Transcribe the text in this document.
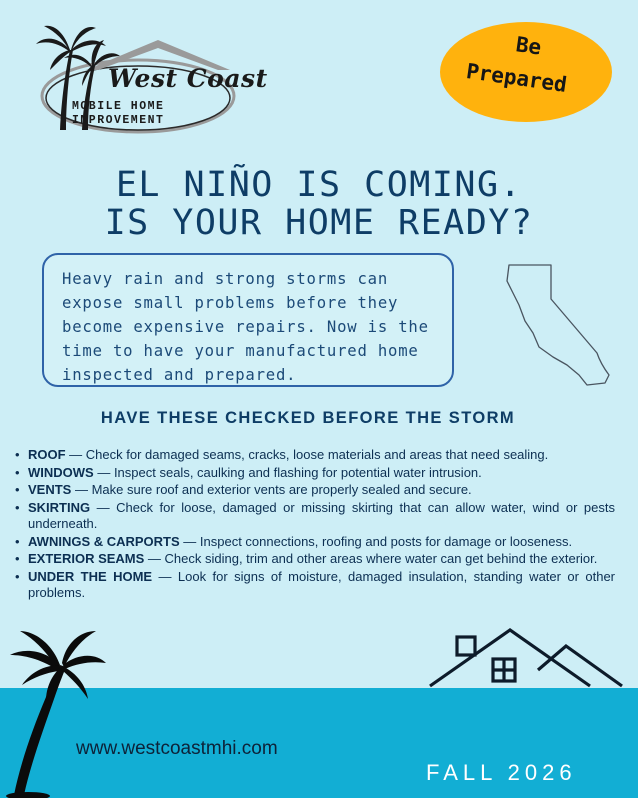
West Coast
MOBILE HOME
IMPROVEMENT
Be
Prepared
EL NIÑO IS COMING.
IS YOUR HOME READY?

Heavy rain and strong storms can expose small problems before they become expensive repairs. Now is the time to have your manufactured home inspected and prepared.

HAVE THESE CHECKED BEFORE THE STORM
• ROOF — Check for damaged seams, cracks, loose materials and areas that need sealing.
• WINDOWS — Inspect seals, caulking and flashing for potential water intrusion.
• VENTS — Make sure roof and exterior vents are properly sealed and secure.
• SKIRTING — Check for loose, damaged or missing skirting that can allow water, wind or pests underneath.
• AWNINGS & CARPORTS — Inspect connections, roofing and posts for damage or looseness.
• EXTERIOR SEAMS — Check siding, trim and other areas where water can get behind the exterior.
• UNDER THE HOME — Look for signs of moisture, damaged insulation, standing water or other problems.
www.westcoastmhi.com
FALL 2026
